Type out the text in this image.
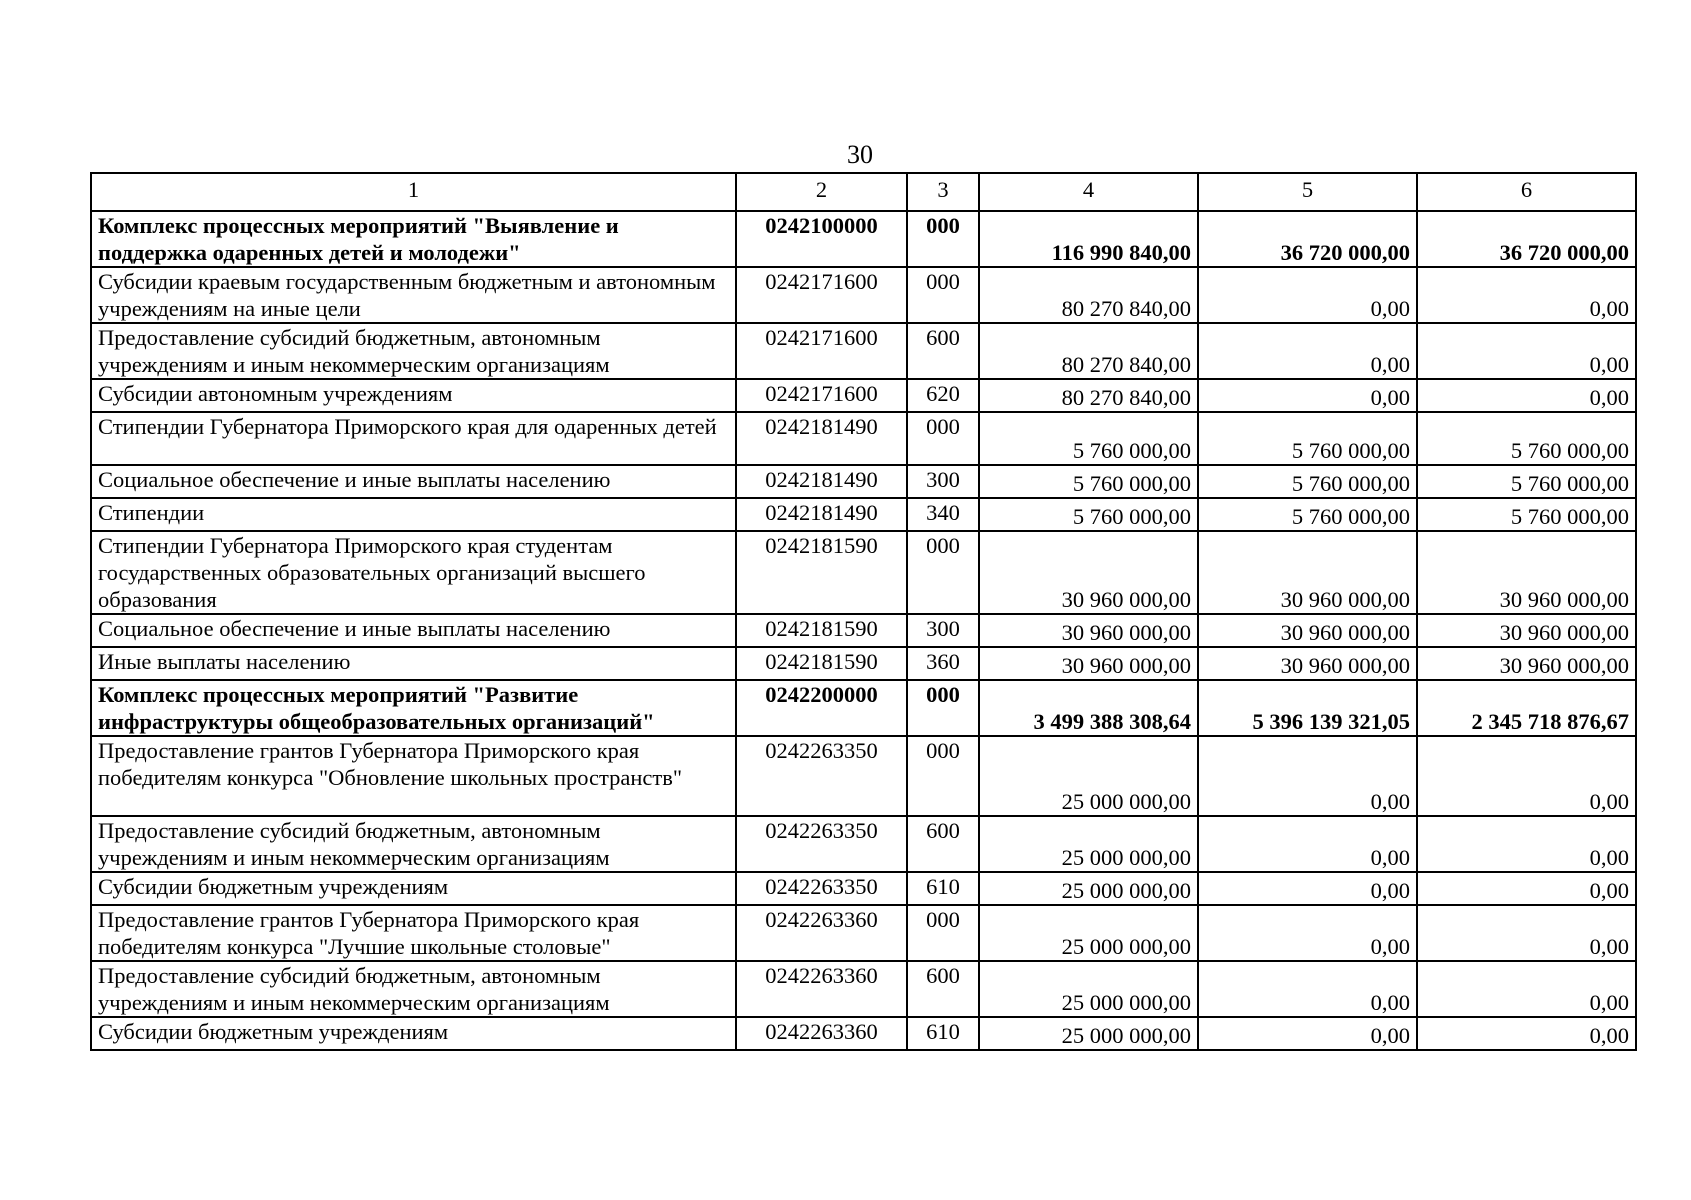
30
1	2	3	4	5	6
Комплекс процессных мероприятий "Выявление и поддержка одаренных детей и молодежи"	0242100000	000	116 990 840,00	36 720 000,00	36 720 000,00
Субсидии краевым государственным бюджетным и автономным учреждениям на иные цели	0242171600	000	80 270 840,00	0,00	0,00
Предоставление субсидий бюджетным, автономным учреждениям и иным некоммерческим организациям	0242171600	600	80 270 840,00	0,00	0,00
Субсидии автономным учреждениям	0242171600	620	80 270 840,00	0,00	0,00
Стипендии Губернатора Приморского края для одаренных детей	0242181490	000	5 760 000,00	5 760 000,00	5 760 000,00
Социальное обеспечение и иные выплаты населению	0242181490	300	5 760 000,00	5 760 000,00	5 760 000,00
Стипендии	0242181490	340	5 760 000,00	5 760 000,00	5 760 000,00
Стипендии Губернатора Приморского края студентам государственных образовательных организаций высшего образования	0242181590	000	30 960 000,00	30 960 000,00	30 960 000,00
Социальное обеспечение и иные выплаты населению	0242181590	300	30 960 000,00	30 960 000,00	30 960 000,00
Иные выплаты населению	0242181590	360	30 960 000,00	30 960 000,00	30 960 000,00
Комплекс процессных мероприятий "Развитие инфраструктуры общеобразовательных организаций"	0242200000	000	3 499 388 308,64	5 396 139 321,05	2 345 718 876,67
Предоставление грантов Губернатора Приморского края победителям конкурса "Обновление школьных пространств"	0242263350	000	25 000 000,00	0,00	0,00
Предоставление субсидий бюджетным, автономным учреждениям и иным некоммерческим организациям	0242263350	600	25 000 000,00	0,00	0,00
Субсидии бюджетным учреждениям	0242263350	610	25 000 000,00	0,00	0,00
Предоставление грантов Губернатора Приморского края победителям конкурса "Лучшие школьные столовые"	0242263360	000	25 000 000,00	0,00	0,00
Предоставление субсидий бюджетным, автономным учреждениям и иным некоммерческим организациям	0242263360	600	25 000 000,00	0,00	0,00
Субсидии бюджетным учреждениям	0242263360	610	25 000 000,00	0,00	0,00
